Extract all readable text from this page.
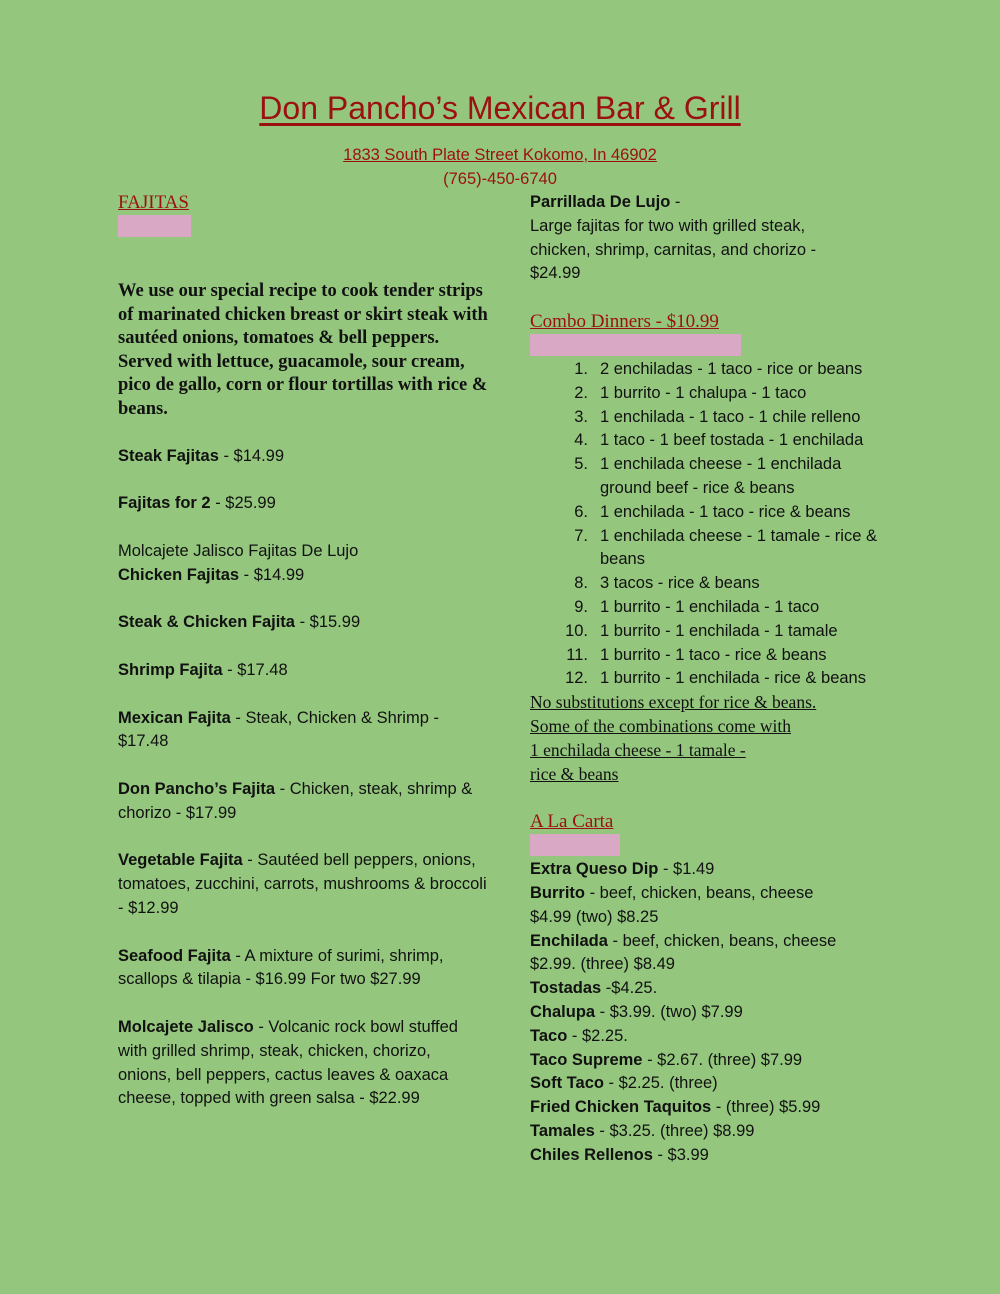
Don Pancho’s Mexican Bar & Grill
1833 South Plate Street Kokomo, In 46902
(765)-450-6740
FAJITAS

We use our special recipe to cook tender strips of marinated chicken breast or skirt steak with sautéed onions, tomatoes & bell peppers. Served with lettuce, guacamole, sour cream, pico de gallo, corn or flour tortillas with rice & beans.

Steak Fajitas - $14.99

Fajitas for 2 - $25.99

Molcajete Jalisco Fajitas De Lujo

Chicken Fajitas - $14.99

Steak & Chicken Fajita - $15.99

Shrimp Fajita - $17.48

Mexican Fajita - Steak, Chicken & Shrimp - $17.48

Don Pancho’s Fajita - Chicken, steak, shrimp & chorizo - $17.99

Vegetable Fajita - Sautéed bell peppers, onions, tomatoes, zucchini, carrots, mushrooms & broccoli - $12.99

Seafood Fajita - A mixture of surimi, shrimp, scallops & tilapia - $16.99 For two $27.99

Molcajete Jalisco - Volcanic rock bowl stuffed with grilled shrimp, steak, chicken, chorizo, onions, bell peppers, cactus leaves & oaxaca cheese, topped with green salsa - $22.99

Parrillada De Lujo -

Large fajitas for two with grilled steak, chicken, shrimp, carnitas, and chorizo - $24.99

Combo Dinners - $10.99
1. 2 enchiladas - 1 taco - rice or beans
2. 1 burrito - 1 chalupa - 1 taco
3. 1 enchilada - 1 taco - 1 chile relleno
4. 1 taco - 1 beef tostada - 1 enchilada
5. 1 enchilada cheese - 1 enchilada ground beef - rice & beans
6. 1 enchilada - 1 taco - rice & beans
7. 1 enchilada cheese - 1 tamale - rice & beans
8. 3 tacos - rice & beans
9. 1 burrito - 1 enchilada - 1 taco
10. 1 burrito - 1 enchilada - 1 tamale
11. 1 burrito - 1 taco - rice & beans
12. 1 burrito - 1 enchilada - rice & beans

No substitutions except for rice & beans.

Some of the combinations come with

1 enchilada cheese - 1 tamale -

rice & beans

A La Carta

Extra Queso Dip - $1.49

Burrito - beef, chicken, beans, cheese $4.99 (two) $8.25

Enchilada - beef, chicken, beans, cheese $2.99. (three) $8.49

Tostadas -$4.25.

Chalupa - $3.99. (two) $7.99

Taco - $2.25.

Taco Supreme - $2.67. (three) $7.99

Soft Taco - $2.25. (three)

Fried Chicken Taquitos - (three) $5.99

Tamales - $3.25. (three) $8.99

Chiles Rellenos - $3.99
